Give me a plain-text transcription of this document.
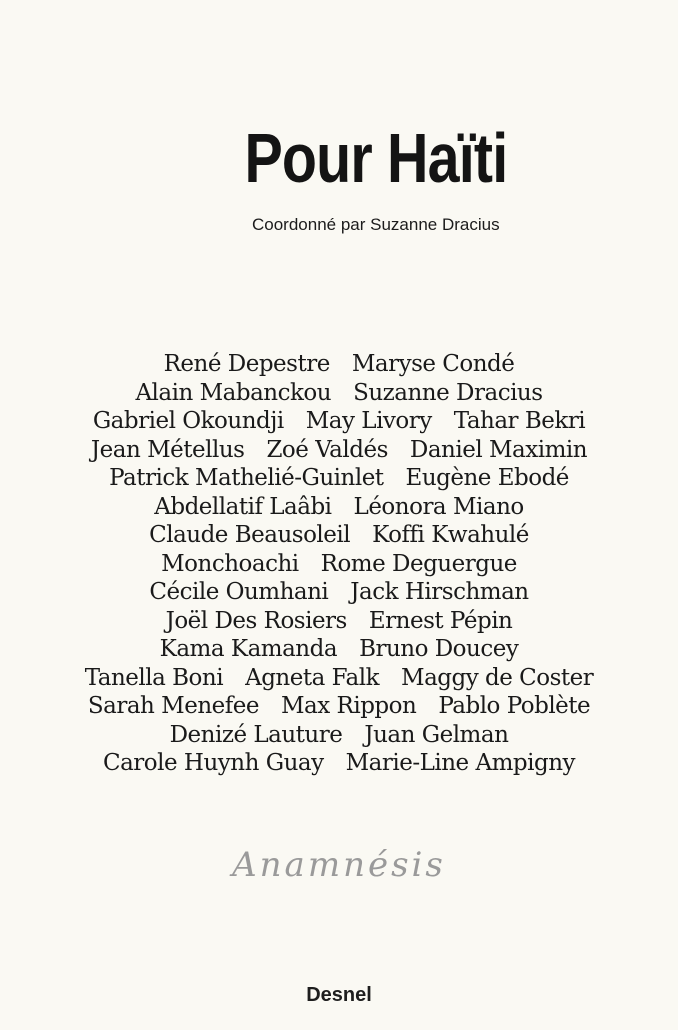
Pour Haïti
Coordonné par Suzanne Dracius
René Depestre Maryse Condé
Alain Mabanckou Suzanne Dracius
Gabriel Okoundji May Livory Tahar Bekri
Jean Métellus Zoé Valdés Daniel Maximin
Patrick Mathelié-Guinlet Eugène Ebodé
Abdellatif Laâbi Léonora Miano
Claude Beausoleil Koffi Kwahulé
Monchoachi Rome Deguergue
Cécile Oumhani Jack Hirschman
Joël Des Rosiers Ernest Pépin
Kama Kamanda Bruno Doucey
Tanella Boni Agneta Falk Maggy de Coster
Sarah Menefee Max Rippon Pablo Poblète
Denizé Lauture Juan Gelman
Carole Huynh Guay Marie-Line Ampigny
Anamnésis
Desnel
